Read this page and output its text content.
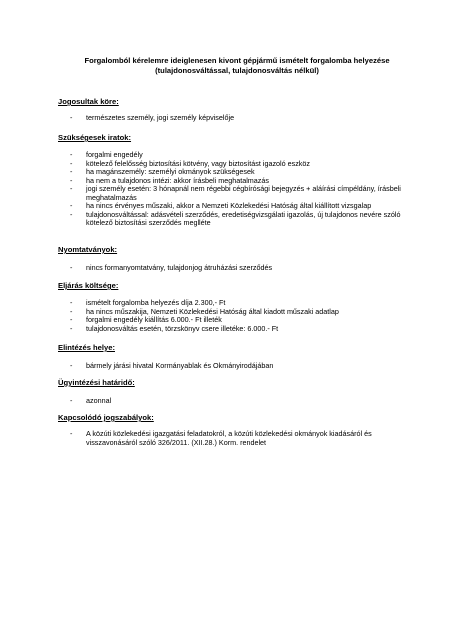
Forgalomból kérelemre ideiglenesen kivont gépjármű ismételt forgalomba helyezése
(tulajdonosváltással, tulajdonosváltás nélkül)
Jogosultak köre:
- természetes személy, jogi személy képviselője
Szükségesek iratok:
- forgalmi engedély
- kötelező felelősség biztosítási kötvény, vagy biztosítást igazoló eszköz
- ha magánszemély: személyi okmányok szükségesek
- ha nem a tulajdonos intézi: akkor írásbeli meghatalmazás
- jogi személy esetén: 3 hónapnál nem régebbi cégbírósági bejegyzés + aláírási címpéldány, írásbeli meghatalmazás
- ha nincs érvényes műszaki, akkor a Nemzeti Közlekedési Hatóság által kiállított vizsgalap
- tulajdonosváltással: adásvételi szerződés, eredetiségvizsgálati igazolás, új tulajdonos nevére szóló kötelező biztosítási szerződés meglléte
Nyomtatványok:
- nincs formanyomtatvány, tulajdonjog átruházási szerződés
Eljárás költsége:
- ismételt forgalomba helyezés díja 2.300,- Ft
- ha nincs műszakija, Nemzeti Közlekedési Hatóság által kiadott műszaki adatlap
- forgalmi engedély kiállítás 6.000.- Ft illeték
- tulajdonosváltás esetén, törzskönyv csere illetéke: 6.000.- Ft
Elintézés helye:
- bármely járási hivatal Kormányablak és Okmányirodájában
Ügyintézési határidő:
- azonnal
Kapcsolódó jogszabályok:
- A közúti közlekedési igazgatási feladatokról, a közúti közlekedési okmányok kiadásáról és visszavonásáról szóló 326/2011. (XII.28.) Korm. rendelet
